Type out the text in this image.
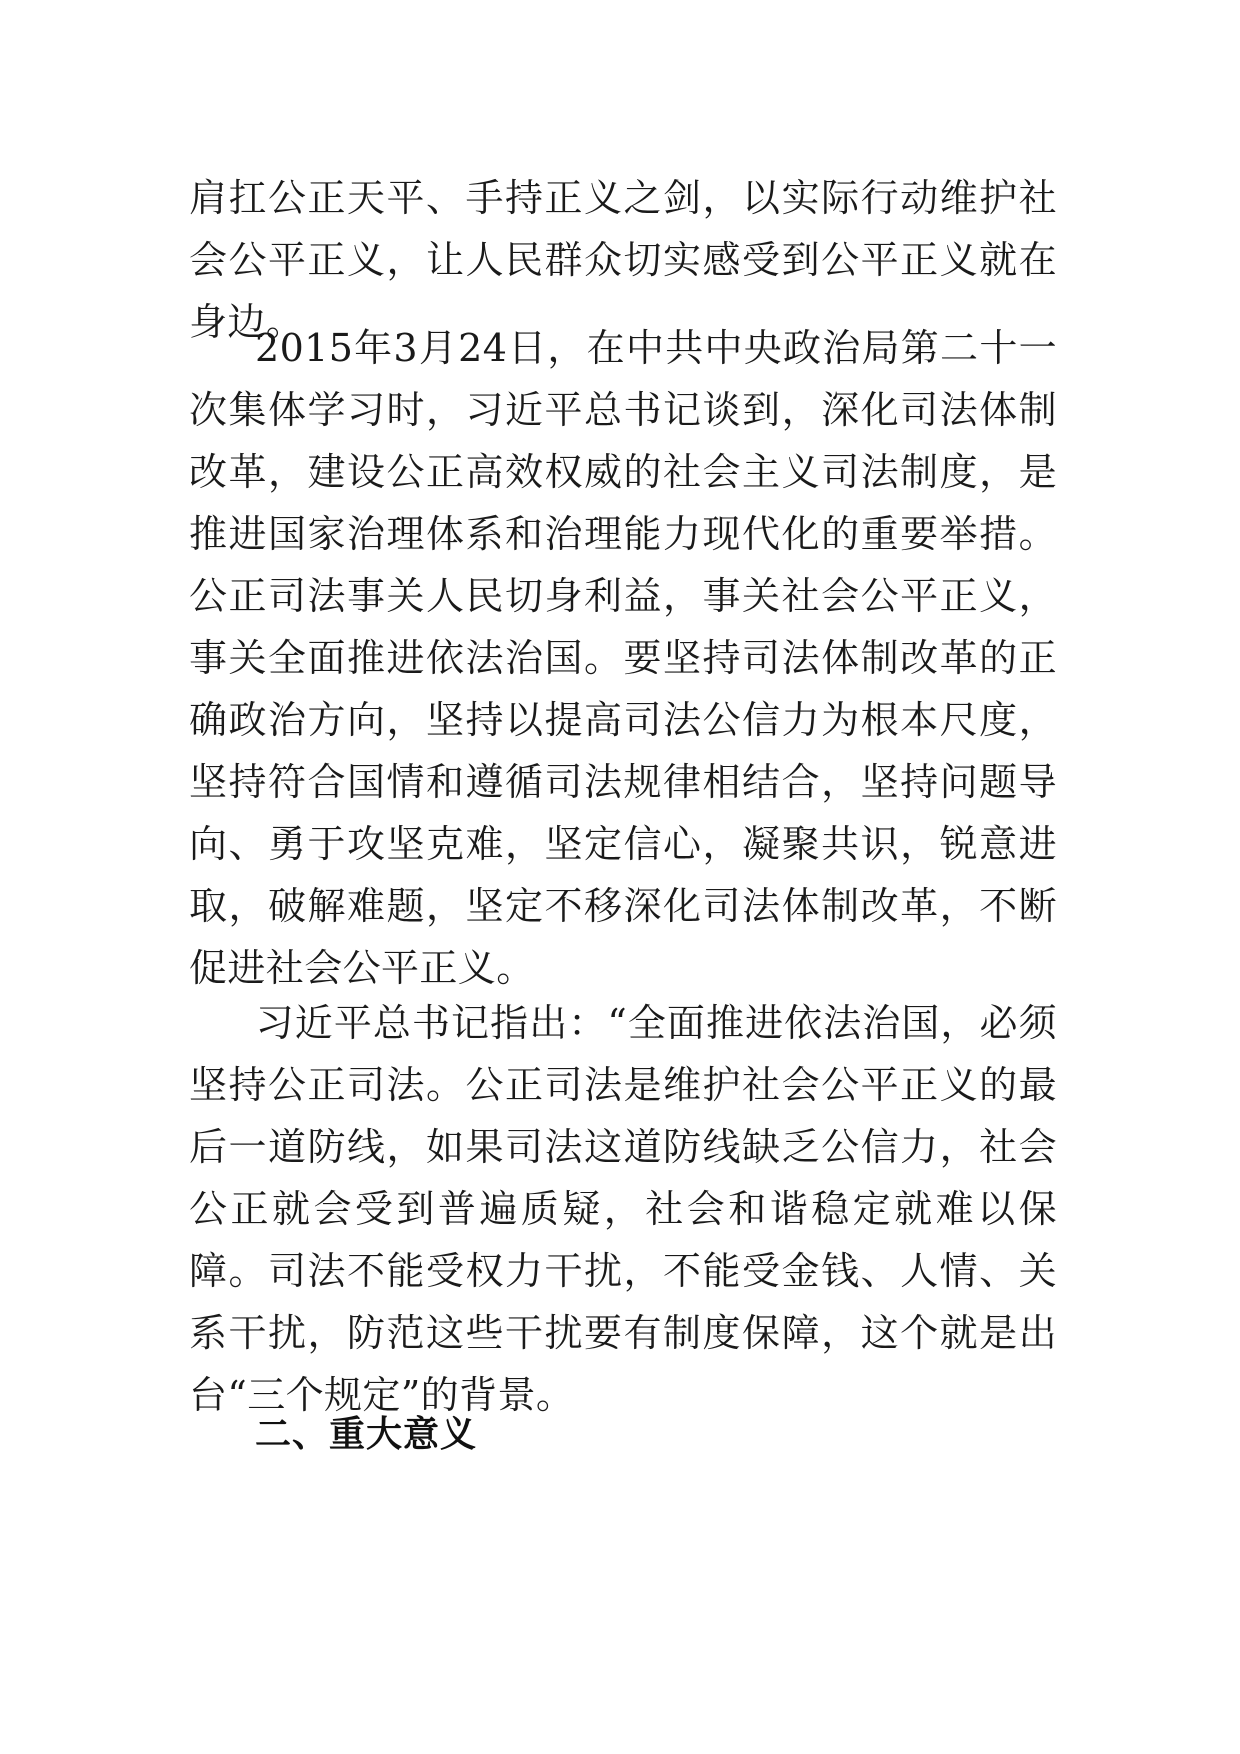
肩扛公正天平、手持正义之剑，以实际行动维护社会公平正义，让人民群众切实感受到公平正义就在身边。
2015年3月24日，在中共中央政治局第二十一次集体学习时，习近平总书记谈到，深化司法体制改革，建设公正高效权威的社会主义司法制度，是推进国家治理体系和治理能力现代化的重要举措。公正司法事关人民切身利益，事关社会公平正义，事关全面推进依法治国。要坚持司法体制改革的正确政治方向，坚持以提高司法公信力为根本尺度，坚持符合国情和遵循司法规律相结合，坚持问题导向、勇于攻坚克难，坚定信心，凝聚共识，锐意进取，破解难题，坚定不移深化司法体制改革，不断促进社会公平正义。
习近平总书记指出：“全面推进依法治国，必须坚持公正司法。公正司法是维护社会公平正义的最后一道防线，如果司法这道防线缺乏公信力，社会公正就会受到普遍质疑，社会和谐稳定就难以保障。司法不能受权力干扰，不能受金钱、人情、关系干扰，防范这些干扰要有制度保障，这个就是出台“三个规定”的背景。
二、重大意义
